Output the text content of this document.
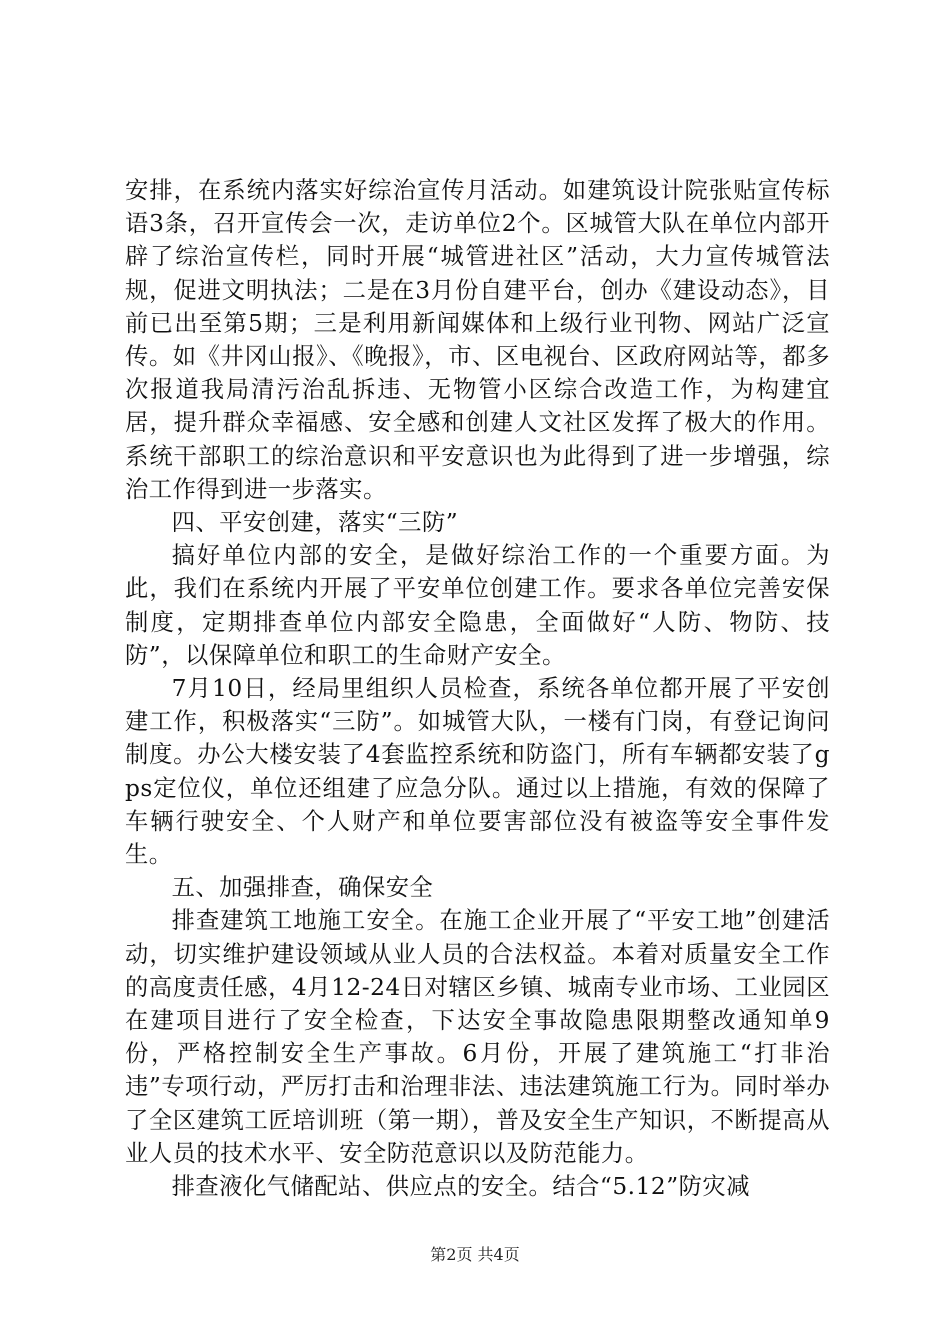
安排，在系统内落实好综治宣传月活动。如建筑设计院张贴宣传标语3条，召开宣传会一次，走访单位2个。区城管大队在单位内部开辟了综治宣传栏，同时开展“城管进社区”活动，大力宣传城管法规，促进文明执法；二是在3月份自建平台，创办《建设动态》，目前已出至第5期；三是利用新闻媒体和上级行业刊物、网站广泛宣传。如《井冈山报》、《晚报》，市、区电视台、区政府网站等，都多次报道我局清污治乱拆违、无物管小区综合改造工作，为构建宜居，提升群众幸福感、安全感和创建人文社区发挥了极大的作用。系统干部职工的综治意识和平安意识也为此得到了进一步增强，综治工作得到进一步落实。

四、平安创建，落实“三防”

搞好单位内部的安全，是做好综治工作的一个重要方面。为此，我们在系统内开展了平安单位创建工作。要求各单位完善安保制度，定期排查单位内部安全隐患，全面做好“人防、物防、技防”，以保障单位和职工的生命财产安全。

7月10日，经局里组织人员检查，系统各单位都开展了平安创建工作，积极落实“三防”。如城管大队，一楼有门岗，有登记询问制度。办公大楼安装了4套监控系统和防盗门，所有车辆都安装了gps定位仪，单位还组建了应急分队。通过以上措施，有效的保障了车辆行驶安全、个人财产和单位要害部位没有被盗等安全事件发生。

五、加强排查，确保安全

排查建筑工地施工安全。在施工企业开展了“平安工地”创建活动，切实维护建设领域从业人员的合法权益。本着对质量安全工作的高度责任感，4月12-24日对辖区乡镇、城南专业市场、工业园区在建项目进行了安全检查，下达安全事故隐患限期整改通知单9份，严格控制安全生产事故。6月份，开展了建筑施工“打非治违”专项行动，严厉打击和治理非法、违法建筑施工行为。同时举办了全区建筑工匠培训班（第一期），普及安全生产知识，不断提高从业人员的技术水平、安全防范意识以及防范能力。

排查液化气储配站、供应点的安全。结合“5.12”防灾减

第2页 共4页
